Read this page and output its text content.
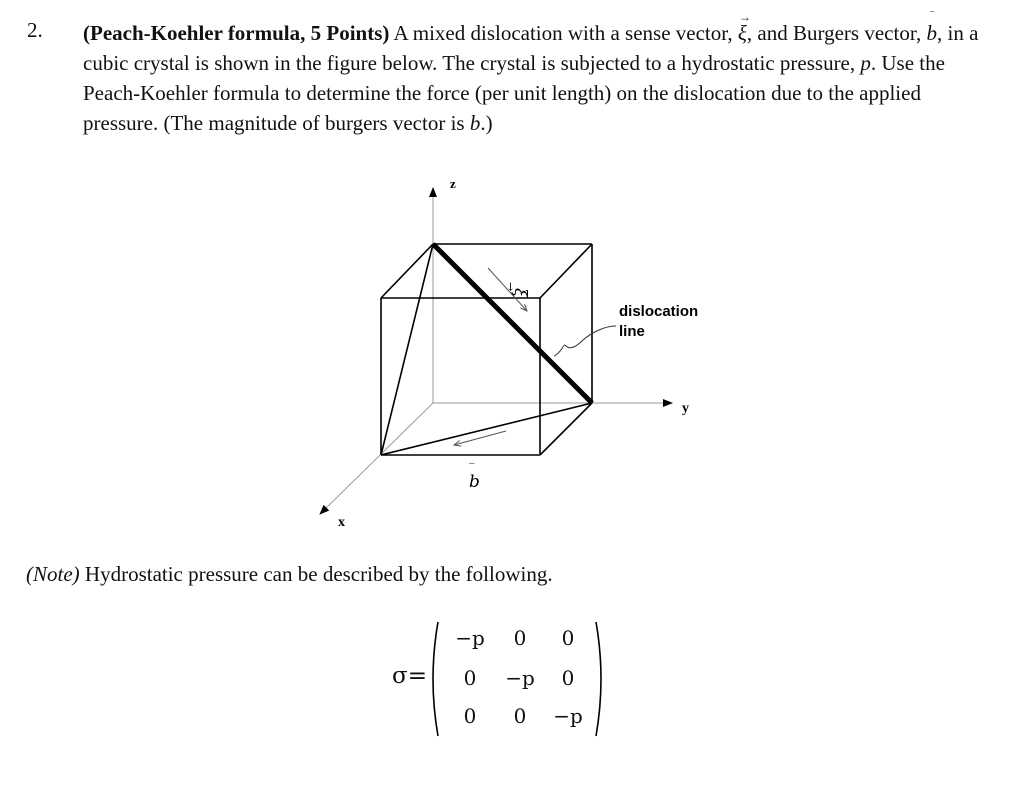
2. (Peach-Koehler formula, 5 Points) A mixed dislocation with a sense vector,
→
ξ, and Burgers vector,
‾
b, in a cubic crystal is shown in the figure below. The crystal is subjected to a hydrostatic pressure, p. Use the Peach-Koehler formula to determine the force (per unit length) on the dislocation due to the applied pressure. (The magnitude of burgers vector is b.)
z
y
x
ξ
→
b
‾
dislocation
line
(Note) Hydrostatic pressure can be described by the following.
σ=
−p	0	0
0	−p	0
0	0	−p
